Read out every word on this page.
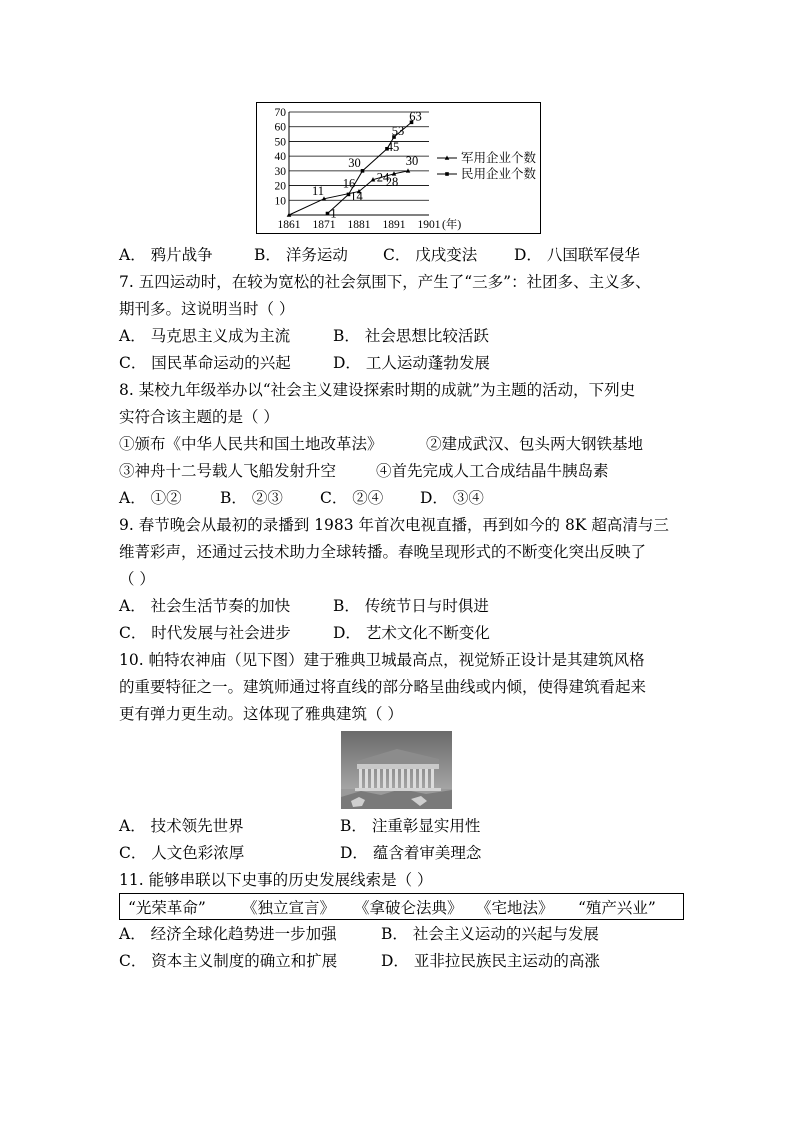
10
20
30
40
50
60
70
1861 1871 1881 1891 1901 (年)
11
16 24
28
30	军用企业个数
1
14
30
45
53
63
民用企业个数
A． 鸦片战争	B． 洋务运动 C． 戊戌变法 D． 八国联军侵华
7. 五四运动时，在较为宽松的社会氛围下，产生了“三多”：社团多、主义多、
期刊多。这说明当时（ ）
A． 马克思主义成为主流	B． 社会思想比较活跃
C． 国民革命运动的兴起	D． 工人运动蓬勃发展
8. 某校九年级举办以“社会主义建设探索时期的成就”为主题的活动，下列史
实符合该主题的是（ ）
①颁布《中华人民共和国土地改革法》	②建成武汉、包头两大钢铁基地
③神舟十二号载人飞船发射升空	④首先完成人工合成结晶牛胰岛素
A． ①② B． ②③ C． ②④ D． ③④
9. 春节晚会从最初的录播到 1983 年首次电视直播，再到如今的 8K 超高清与三
维菁彩声，还通过云技术助力全球转播。春晚呈现形式的不断变化突出反映了
（ ）
A． 社会生活节奏的加快	B． 传统节日与时俱进
C． 时代发展与社会进步	D． 艺术文化不断变化
10. 帕特农神庙（见下图）建于雅典卫城最高点，视觉矫正设计是其建筑风格
的重要特征之一。建筑师通过将直线的部分略呈曲线或内倾，使得建筑看起来
更有弹力更生动。这体现了雅典建筑（ ）
A． 技术领先世界	B． 注重彰显实用性
C． 人文色彩浓厚	D． 蕴含着审美理念
11. 能够串联以下史事的历史发展线索是（ ）
“光荣革命” 《独立宣言》 《拿破仑法典》 《宅地法》 “殖产兴业”
A． 经济全球化趋势进一步加强	B． 社会主义运动的兴起与发展
C． 资本主义制度的确立和扩展	D． 亚非拉民族民主运动的高涨
